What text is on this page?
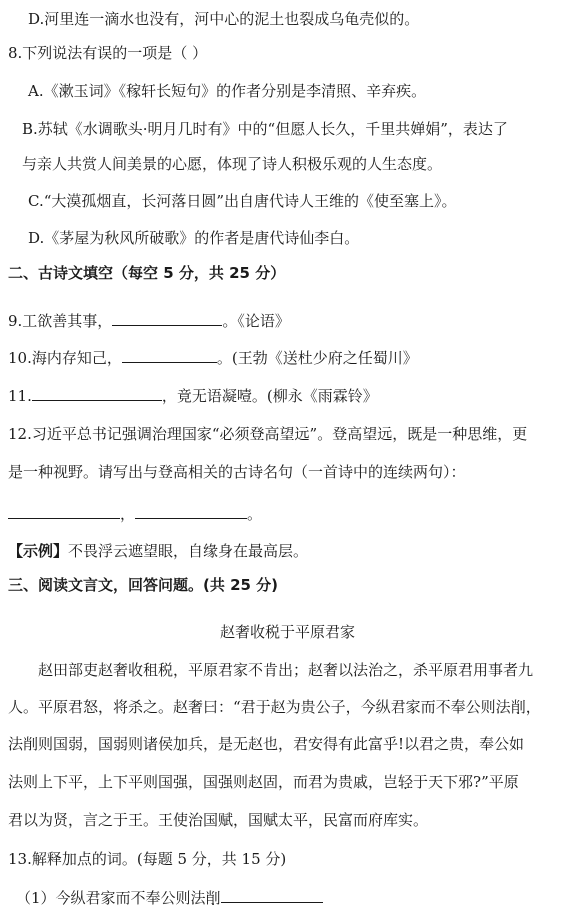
D.河里连一滴水也没有，河中心的泥土也裂成乌龟壳似的。
8.下列说法有误的一项是（ ）
A.《漱玉词》《稼轩长短句》的作者分别是李清照、辛弃疾。
B.苏轼《水调歌头·明月几时有》中的“但愿人长久，千里共婵娟”，表达了
与亲人共赏人间美景的心愿，体现了诗人积极乐观的人生态度。
C.“大漠孤烟直，长河落日圆”出自唐代诗人王维的《使至塞上》。
D.《茅屋为秋风所破歌》的作者是唐代诗仙李白。
二、古诗文填空（每空 5 分，共 25 分）
9.工欲善其事，	。《论语》
10.海内存知己，	。(王勃《送杜少府之任蜀川》
11.	，竟无语凝噎。(柳永《雨霖铃》
12.习近平总书记强调治理国家“必须登高望远”。登高望远，既是一种思维，更
是一种视野。请写出与登高相关的古诗名句（一首诗中的连续两句）：
，	。
【示例】不畏浮云遮望眼，自缘身在最高层。
三、阅读文言文，回答问题。(共 25 分)
赵奢收税于平原君家
赵田部吏赵奢收租税，平原君家不肯出；赵奢以法治之，杀平原君用事者九
人。平原君怒，将杀之。赵奢曰：“君于赵为贵公子，今纵君家而不奉公则法削，
法削则国弱，国弱则诸侯加兵，是无赵也，君安得有此富乎!以君之贵，奉公如
法则上下平，上下平则国强，国强则赵固，而君为贵戚，岂轻于天下邪?”平原
君以为贤，言之于王。王使治国赋，国赋太平，民富而府库实。
13.解释加点的词。(每题 5 分，共 15 分)
（1）今纵君家而不奉公则法削
